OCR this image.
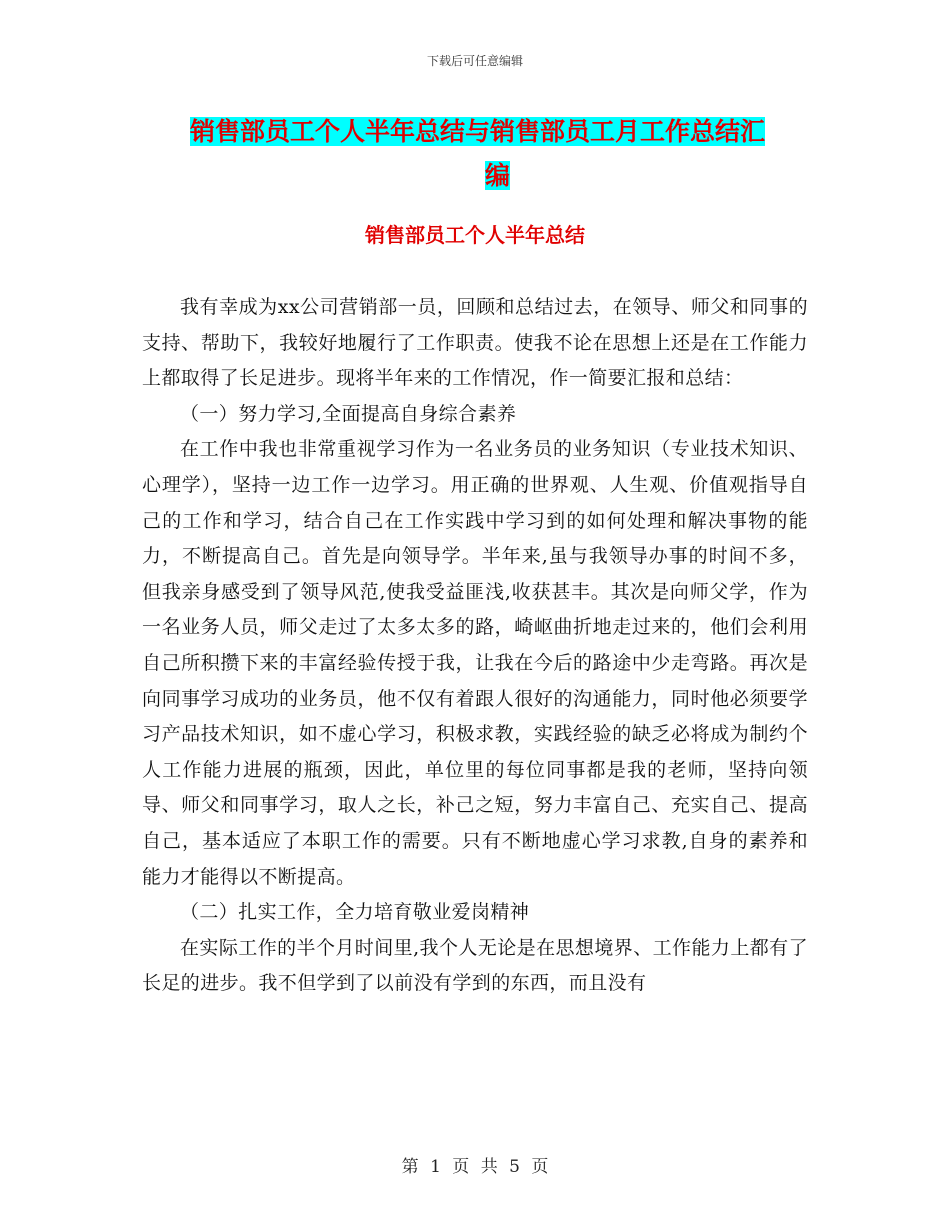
下载后可任意编辑
销售部员工个人半年总结与销售部员工月工作总结汇
编
销售部员工个人半年总结

我有幸成为xx公司营销部一员，回顾和总结过去，在领导、师父和同事的支持、帮助下，我较好地履行了工作职责。使我不论在思想上还是在工作能力上都取得了长足进步。现将半年来的工作情况，作一简要汇报和总结：

（一）努力学习,全面提高自身综合素养

在工作中我也非常重视学习作为一名业务员的业务知识（专业技术知识、心理学），坚持一边工作一边学习。用正确的世界观、人生观、价值观指导自己的工作和学习，结合自己在工作实践中学习到的如何处理和解决事物的能力，不断提高自己。首先是向领导学。半年来,虽与我领导办事的时间不多，但我亲身感受到了领导风范,使我受益匪浅,收获甚丰。其次是向师父学，作为一名业务人员，师父走过了太多太多的路，崎岖曲折地走过来的，他们会利用自己所积攒下来的丰富经验传授于我，让我在今后的路途中少走弯路。再次是向同事学习成功的业务员，他不仅有着跟人很好的沟通能力，同时他必须要学习产品技术知识，如不虚心学习，积极求教，实践经验的缺乏必将成为制约个人工作能力进展的瓶颈，因此，单位里的每位同事都是我的老师，坚持向领导、师父和同事学习，取人之长，补己之短，努力丰富自己、充实自己、提高自己，基本适应了本职工作的需要。只有不断地虚心学习求教,自身的素养和能力才能得以不断提高。

（二）扎实工作，全力培育敬业爱岗精神

在实际工作的半个月时间里,我个人无论是在思想境界、工作能力上都有了长足的进步。我不但学到了以前没有学到的东西，而且没有

第 1 页 共 5 页
